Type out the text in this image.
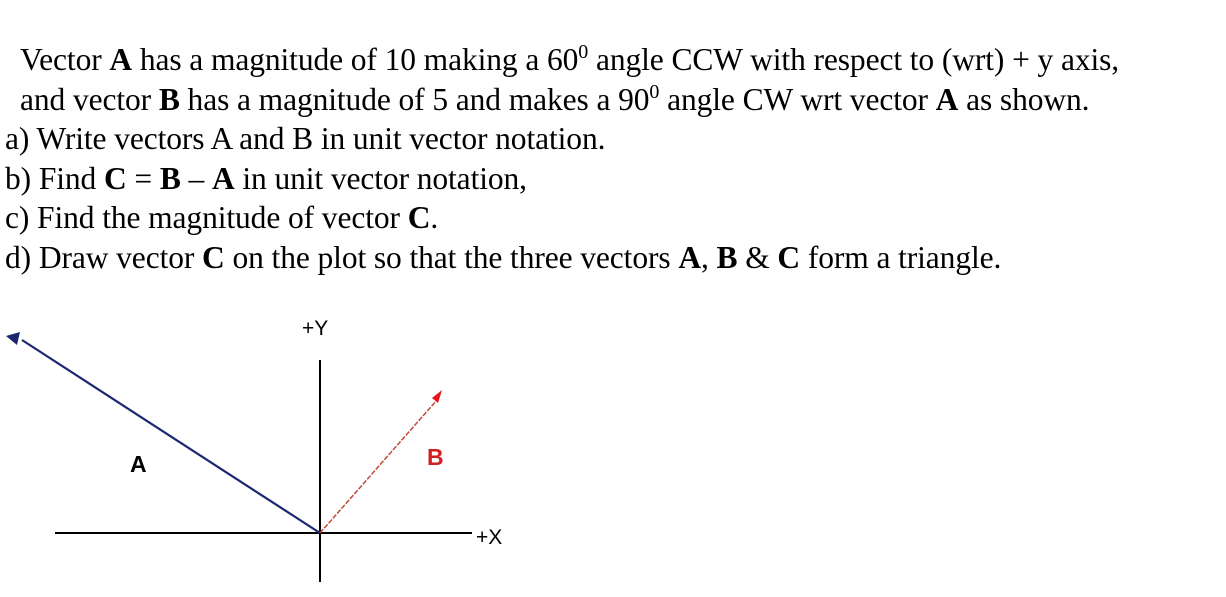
Vector A has a magnitude of 10 making a $60^0$ angle CCW with respect to (wrt) + y axis,
and vector B has a magnitude of 5 and makes a $90^0$ angle CW wrt vector A as shown.
a) Write vectors A and B in unit vector notation.
b) Find C = B – A in unit vector notation,
c) Find the magnitude of vector C.
d) Draw vector C on the plot so that the three vectors A, B & C form a triangle.
+Y
+X
A	B
